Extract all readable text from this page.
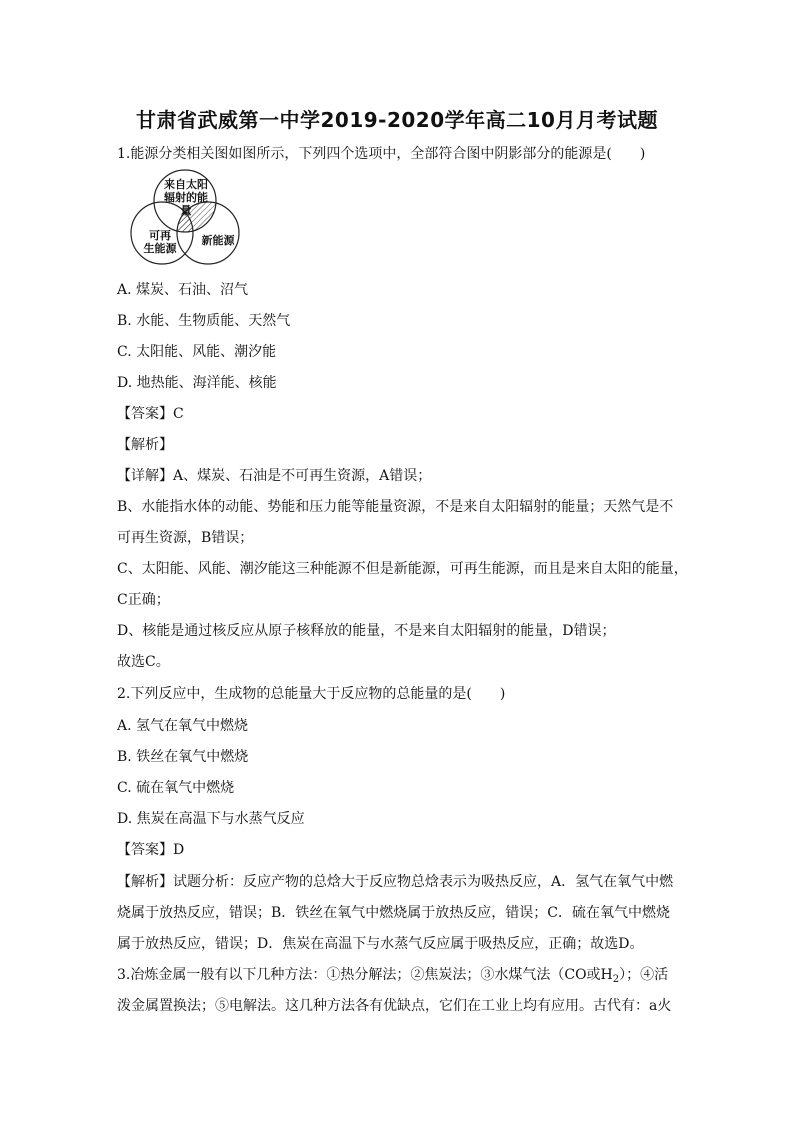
甘肃省武威第一中学2019-2020学年高二10月月考试题
1.能源分类相关图如图所示，下列四个选项中，全部符合图中阴影部分的能源是(　　)
来自太阳
辐射的能量
可再
生能源
新能源
A. 煤炭、石油、沼气
B. 水能、生物质能、天然气
C. 太阳能、风能、潮汐能
D. 地热能、海洋能、核能
【答案】C
【解析】
【详解】A、煤炭、石油是不可再生资源，A错误；
B、水能指水体的动能、势能和压力能等能量资源，不是来自太阳辐射的能量；天然气是不
可再生资源，B错误；
C、太阳能、风能、潮汐能这三种能源不但是新能源，可再生能源，而且是来自太阳的能量，
C正确；
D、核能是通过核反应从原子核释放的能量，不是来自太阳辐射的能量，D错误；
故选C。
2.下列反应中，生成物的总能量大于反应物的总能量的是(　　)
A. 氢气在氧气中燃烧
B. 铁丝在氧气中燃烧
C. 硫在氧气中燃烧
D. 焦炭在高温下与水蒸气反应
【答案】D
【解析】试题分析：反应产物的总焓大于反应物总焓表示为吸热反应，A．氢气在氧气中燃
烧属于放热反应，错误；B．铁丝在氧气中燃烧属于放热反应，错误；C．硫在氧气中燃烧
属于放热反应，错误；D．焦炭在高温下与水蒸气反应属于吸热反应，正确；故选D。
3.冶炼金属一般有以下几种方法：①热分解法；②焦炭法；③水煤气法（CO或$H_2$）；④活
泼金属置换法；⑤电解法。这几种方法各有优缺点，它们在工业上均有应用。古代有：a火
